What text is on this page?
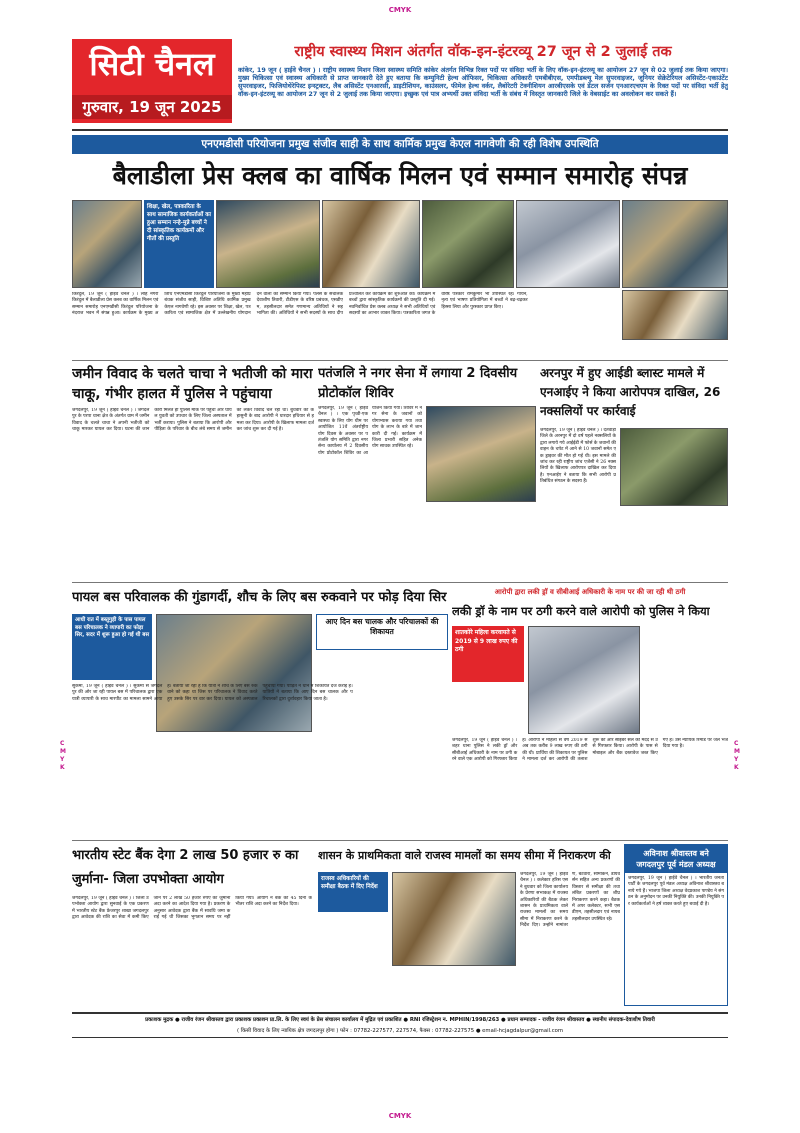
CMYK
सिटी चैनल
गुरुवार, 19 जून 2025
राष्ट्रीय स्वास्थ्य मिशन अंतर्गत वॉक-इन-इंटरव्यू 27 जून से 2 जुलाई तक
कांकेर, 19 जून ( हाईवे चैनल ) । राष्ट्रीय स्वास्थ्य मिशन जिला स्वास्थ्य समिति कांकेर अंतर्गत विभिन्न रिक्त पदों पर संविदा भर्ती के लिए वॉक-इन-इंटरव्यू का आयोजन 27 जून से 02 जुलाई तक किया जाएगा। मुख्य चिकित्सा एवं स्वास्थ्य अधिकारी से प्राप्त जानकारी देते हुए बताया कि कम्युनिटी हेल्थ ऑफिसर, चिकित्सा अधिकारी एमबीबीएस, एमपीडब्ल्यू मेल सुपरवाइजर, जूनियर सेक्रेटेरियल असिस्टेंट-एकाउंटेंट सुपरवाइजर, फिजियोथेरेपिस्ट इन्स्ट्रक्टर, लैब असिस्टेंट एनआरसी, डाइटीशियन, काउंसलर, फीमेल हेल्थ वर्कर, लैबोरेटरी टेक्नीशियन आरबीएसके एवं डेंटल सर्जन एनआरएचएम के रिक्त पदों पर संविदा भर्ती हेतु वॉक-इन-इंटरव्यू का आयोजन 27 जून से 2 जुलाई तक किया जाएगा। इच्छुक एवं पात्र अभ्यर्थी उक्त संविदा भर्ती के संबंध में विस्तृत जानकारी जिले के वेबसाईट का अवलोकन कर सकते हैं।
एनएमडीसी परियोजना प्रमुख संजीव साही के साथ कार्मिक प्रमुख केएल नागवेणी की रही विशेष उपस्थिति
बैलाडीला प्रेस क्लब का वार्षिक मिलन एवं सम्मान समारोह संपन्न
शिक्षा, खेल, पत्रकारिता के साथ सामाजिक कार्यकर्ताओं का हुआ सम्मान नन्हे-मुन्ने बच्चों ने दी सांस्कृतिक कार्यक्रमों और गीतों की प्रस्तुति
किरंदुल, 19 जून ( हाईवे चैनल ) । लौह नगरी किरंदुल में बैलाडीला प्रेस क्लब का वार्षिक मिलन एवं सम्मान समारोह एनएमडीसी किरंदुल परियोजना के नंदराज भवन में संपन्न हुआ। कार्यक्रम के मुख्य अतिथि एनएमडीसी किरंदुल परियोजना के मुख्य महाप्रबंधक संजीव साही, विशिष्ट अतिथि कार्मिक प्रमुख केएल नागवेणी रहे। इस अवसर पर शिक्षा, खेल, पत्रकारिता एवं सामाजिक क्षेत्र में उल्लेखनीय योगदान देने वालों का सम्मान किया गया। पैलेस के संचालक देवाशीष तिवारी, टीडीएस के वरिष्ठ प्रबंधक, एसडीएम, तहसीलदार समेत गणमान्य अतिथियों ने सहभागिता की। अतिथियों ने सभी सदस्यों के साथ दीप प्रज्वलित कर कार्यक्रम की शुरुआत की। कार्यक्रम में बच्चों द्वारा सांस्कृतिक कार्यक्रमों की प्रस्तुति दी गई। नवनिर्वाचित प्रेस क्लब अध्यक्ष ने सभी अतिथियों एवं सदस्यों का आभार व्यक्त किया। पत्रकारिता जगत के वरिष्ठ पत्रकार रामकुमार भी उपस्थित रहे। गायन, नृत्य एवं भाषण प्रतियोगिता में बच्चों ने बढ़-चढ़कर हिस्सा लिया और पुरस्कार प्राप्त किए।
जमीन विवाद के चलते चाचा ने भतीजी को मारा चाकू, गंभीर हालत में पुलिस ने पहुंचाया
जगदलपुर, 19 जून ( हाईवे चैनल ) । जगदलपुर के परपा थाना क्षेत्र के अंतर्गत ग्राम में जमीन विवाद के चलते चाचा ने अपनी भतीजी को चाकू मारकर घायल कर दिया। घटना की जानकारी मिलते ही पुलिस मौके पर पहुंची और घायल युवती को उपचार के लिए जिला अस्पताल में भर्ती कराया। पुलिस ने बताया कि आरोपी और पीड़िता के परिवार के बीच लंबे समय से जमीन को लेकर विवाद चल रहा था। बुधवार को कहासुनी के बाद आरोपी ने धारदार हथियार से हमला कर दिया। आरोपी के खिलाफ मामला दर्ज कर जांच शुरू कर दी गई है।
पतंजलि ने नगर सेना में लगाया 2 दिवसीय प्रोटोकॉल शिविर
जगदलपुर, 19 जून ( हाईवे चैनल ) । एक पृथ्वी-एक स्वास्थ्य के लिए योग थीम पर आयोजित 11वें अंतर्राष्ट्रीय योग दिवस के अवसर पर पतंजलि योग समिति द्वारा नगर सेना कार्यालय में 2 दिवसीय योग प्रोटोकॉल शिविर का आयोजन किया गया। शिविर में नगर सेना के जवानों को योगाभ्यास कराया गया तथा योग के लाभ के बारे में जानकारी दी गई। कार्यक्रम में जिला प्रभारी सहित अनेक योग साधक उपस्थित रहे।
अरनपुर में हुए आईडी ब्लास्ट मामले में एनआईए ने किया आरोपपत्र दाखिल, 26 नक्सलियों पर कार्रवाई
जगदलपुर, 19 जून ( हाईवे चैनल ) । दंतेवाड़ा जिले के अरनपुर में दो वर्ष पहले नक्सलियों के द्वारा लगाये गये आईईडी में फोर्स के जवानों की वाहन के चपेट में आने से 10 जवानों समेत एक ड्राइवर की मौत हो गई थी। इस मामले की जांच कर रही राष्ट्रीय जांच एजेंसी ने 26 नक्सलियों के खिलाफ आरोपपत्र दाखिल कर दिया है। एनआईए ने बताया कि सभी आरोपी प्रतिबंधित संगठन के सदस्य हैं।
पायल बस परिवालक की गुंडागर्दी, शौच के लिए बस रुकवाने पर फोड़ दिया सिर
आधी रात में बस्तुगुड़ी के पास पायल बस परिचालक ने व्यापारी का फोड़ा सिर, सदर में शुरू हुआ हो गई थी बस
आए दिन बस चालक और परिचालकों की शिकायत
सुकमा, 19 जून ( हाईवे चैनल ) । सुकमा से जगदलपुर की ओर जा रही पायल बस में परिचालक द्वारा एक यात्री व्यापारी के साथ मारपीट का मामला सामने आया है। बताया जा रहा है कि यात्री ने शौच के लिए बस रुकवाने को कहा था जिस पर परिचालक ने विवाद करते हुए उसके सिर पर वार कर दिया। घायल को अस्पताल पहुंचाया गया। पीड़ित ने थाने में शिकायत दर्ज कराई है। यात्रियों ने बताया कि आए दिन बस चालक और परिचालकों द्वारा दुर्व्यवहार किया जाता है।
आरोपी द्वारा लकी ड्रॉ व सीबीआई अधिकारी के नाम पर की जा रही थी ठगी
लकी ड्रॉ के नाम पर ठगी करने वाले आरोपी को पुलिस ने किया
शातकोरे महिला करवायते से 2019 से 9 लाख रुपए की ठगी
जगदलपुर, 19 जून ( हाईवे चैनल ) । शहर थाना पुलिस ने लकी ड्रॉ और सीबीआई अधिकारी के नाम पर ठगी करने वाले एक आरोपी को गिरफ्तार किया है। आरोपी ने महिला से वर्ष 2019 से अब तक करीब 9 लाख रुपए की ठगी की थी। प्रार्थिया की शिकायत पर पुलिस ने मामला दर्ज कर आरोपी की तलाश शुरू की और साइबर सेल की मदद से उसे गिरफ्तार किया। आरोपी के पास से मोबाइल और बैंक दस्तावेज जब्त किए गए हैं। उसे न्यायिक रिमांड पर जेल भेज दिया गया है।
भारतीय स्टेट बैंक देगा 2 लाख 50 हजार रु का जुर्माना- जिला उपभोक्ता आयोग
जगदलपुर, 19 जून ( हाईवे चैनल ) । जिला उपभोक्ता आयोग द्वारा सुनवाई के एक प्रकरण में भारतीय स्टेट बैंक फ्रेजरपुर शाखा जगदलपुर द्वारा आवेदक की राशि का सेवा में कमी किए जाने पर 2 लाख 50 हजार रुपए का जुर्माना अदा करने का आदेश दिया गया है। प्रकरण के अनुसार आवेदक द्वारा बैंक में सावधि जमा कराई गई थी जिसका भुगतान समय पर नहीं किया गया। आयोग ने बैंक को 45 दिनों के भीतर राशि अदा करने का निर्देश दिया।
शासन के प्राथमिकता वाले राजस्व मामलों का समय सीमा में निराकरण की
राजस्व अधिकारियों की समीक्षा बैठक में दिए निर्देश
जगदलपुर, 19 जून ( हाईवे चैनल ) । कलेक्टर हरिस एस ने बुधवार को जिला कार्यालय के प्रेरणा सभाकक्ष में राजस्व अधिकारियों की बैठक लेकर शासन के प्राथमिकता वाले राजस्व मामलों का समय सीमा में निराकरण करने के निर्देश दिए। उन्होंने नामांतरण, बंटवारा, सीमांकन, डायवर्सन सहित अन्य प्रकरणों की विस्तार से समीक्षा की तथा लंबित प्रकरणों का शीघ्र निराकरण करने कहा। बैठक में अपर कलेक्टर, सभी एसडीएम, तहसीलदार एवं नायब तहसीलदार उपस्थित रहे।
अविनाश श्रीवास्तव बने जगदलपुर पूर्व मंडल अध्यक्ष
जगदलपुर, 19 जून ( हाईवे चैनल ) । भारतीय जनता पार्टी के जगदलपुर पूर्व मंडल अध्यक्ष अविनाश श्रीवास्तव बनाये गये हैं। भाजपा जिला अध्यक्ष वेदप्रकाश पाण्डेय ने संगठन के अनुमोदन पर उनकी नियुक्ति की। उनकी नियुक्ति पर कार्यकर्ताओं ने हर्ष व्यक्त करते हुए बधाई दी है।
प्रकाशक मुद्रक ● राजीव रंजन श्रीवास्तव द्वारा प्रकाशक प्रकाशन प्रा.लि. के लिए स्वयं के प्रेस संचालन कार्यालय में मुद्रित एवं प्रकाशित ● RNI रजिस्ट्रेशन न. MPHIN/1998/263 ● प्रधान सम्पादक - राजीव रंजन श्रीवास्तव ● स्थानीय संपादक-देवाशीष तिवारी
( किसी विवाद के लिए न्यायिक क्षेत्र जगदलपुर होगा ) फोन : 07782-227577, 227574, फैक्स : 07782-227575 ● email-hcjagdalpur@gmail.com
C M Y K
C M Y K
CMYK
